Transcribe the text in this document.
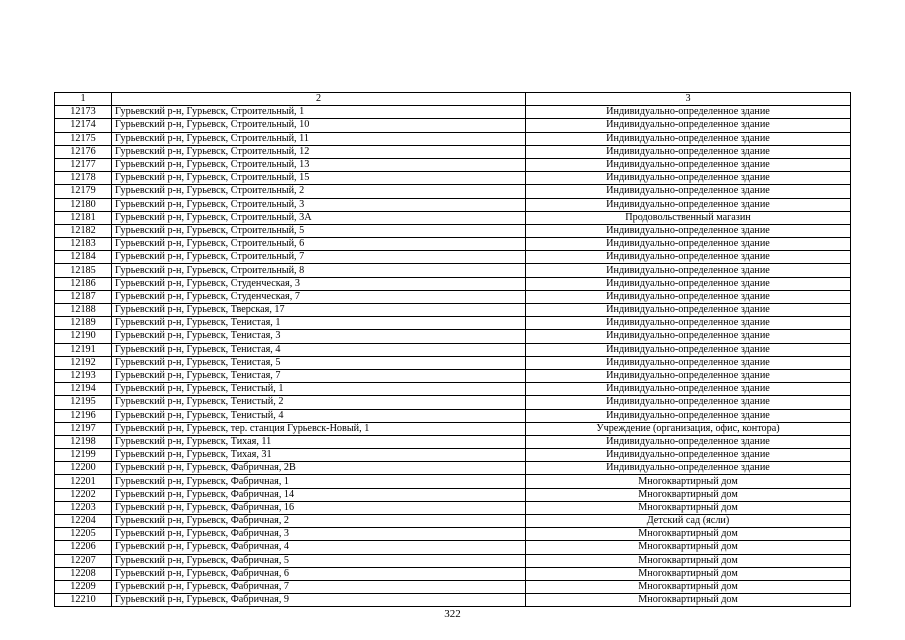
1	2	3
12173	Гурьевский р-н, Гурьевск, Строительный, 1	Индивидуально-определенное здание
12174	Гурьевский р-н, Гурьевск, Строительный, 10	Индивидуально-определенное здание
12175	Гурьевский р-н, Гурьевск, Строительный, 11	Индивидуально-определенное здание
12176	Гурьевский р-н, Гурьевск, Строительный, 12	Индивидуально-определенное здание
12177	Гурьевский р-н, Гурьевск, Строительный, 13	Индивидуально-определенное здание
12178	Гурьевский р-н, Гурьевск, Строительный, 15	Индивидуально-определенное здание
12179	Гурьевский р-н, Гурьевск, Строительный, 2	Индивидуально-определенное здание
12180	Гурьевский р-н, Гурьевск, Строительный, 3	Индивидуально-определенное здание
12181	Гурьевский р-н, Гурьевск, Строительный, 3А	Продовольственный магазин
12182	Гурьевский р-н, Гурьевск, Строительный, 5	Индивидуально-определенное здание
12183	Гурьевский р-н, Гурьевск, Строительный, 6	Индивидуально-определенное здание
12184	Гурьевский р-н, Гурьевск, Строительный, 7	Индивидуально-определенное здание
12185	Гурьевский р-н, Гурьевск, Строительный, 8	Индивидуально-определенное здание
12186	Гурьевский р-н, Гурьевск, Студенческая, 3	Индивидуально-определенное здание
12187	Гурьевский р-н, Гурьевск, Студенческая, 7	Индивидуально-определенное здание
12188	Гурьевский р-н, Гурьевск, Тверская, 17	Индивидуально-определенное здание
12189	Гурьевский р-н, Гурьевск, Тенистая, 1	Индивидуально-определенное здание
12190	Гурьевский р-н, Гурьевск, Тенистая, 3	Индивидуально-определенное здание
12191	Гурьевский р-н, Гурьевск, Тенистая, 4	Индивидуально-определенное здание
12192	Гурьевский р-н, Гурьевск, Тенистая, 5	Индивидуально-определенное здание
12193	Гурьевский р-н, Гурьевск, Тенистая, 7	Индивидуально-определенное здание
12194	Гурьевский р-н, Гурьевск, Тенистый, 1	Индивидуально-определенное здание
12195	Гурьевский р-н, Гурьевск, Тенистый, 2	Индивидуально-определенное здание
12196	Гурьевский р-н, Гурьевск, Тенистый, 4	Индивидуально-определенное здание
12197	Гурьевский р-н, Гурьевск, тер. станция Гурьевск-Новый, 1	Учреждение (организация, офис, контора)
12198	Гурьевский р-н, Гурьевск, Тихая, 11	Индивидуально-определенное здание
12199	Гурьевский р-н, Гурьевск, Тихая, 31	Индивидуально-определенное здание
12200	Гурьевский р-н, Гурьевск, Фабричная, 2В	Индивидуально-определенное здание
12201	Гурьевский р-н, Гурьевск, Фабричная, 1	Многоквартирный дом
12202	Гурьевский р-н, Гурьевск, Фабричная, 14	Многоквартирный дом
12203	Гурьевский р-н, Гурьевск, Фабричная, 16	Многоквартирный дом
12204	Гурьевский р-н, Гурьевск, Фабричная, 2	Детский сад (ясли)
12205	Гурьевский р-н, Гурьевск, Фабричная, 3	Многоквартирный дом
12206	Гурьевский р-н, Гурьевск, Фабричная, 4	Многоквартирный дом
12207	Гурьевский р-н, Гурьевск, Фабричная, 5	Многоквартирный дом
12208	Гурьевский р-н, Гурьевск, Фабричная, 6	Многоквартирный дом
12209	Гурьевский р-н, Гурьевск, Фабричная, 7	Многоквартирный дом
12210	Гурьевский р-н, Гурьевск, Фабричная, 9	Многоквартирный дом
322
